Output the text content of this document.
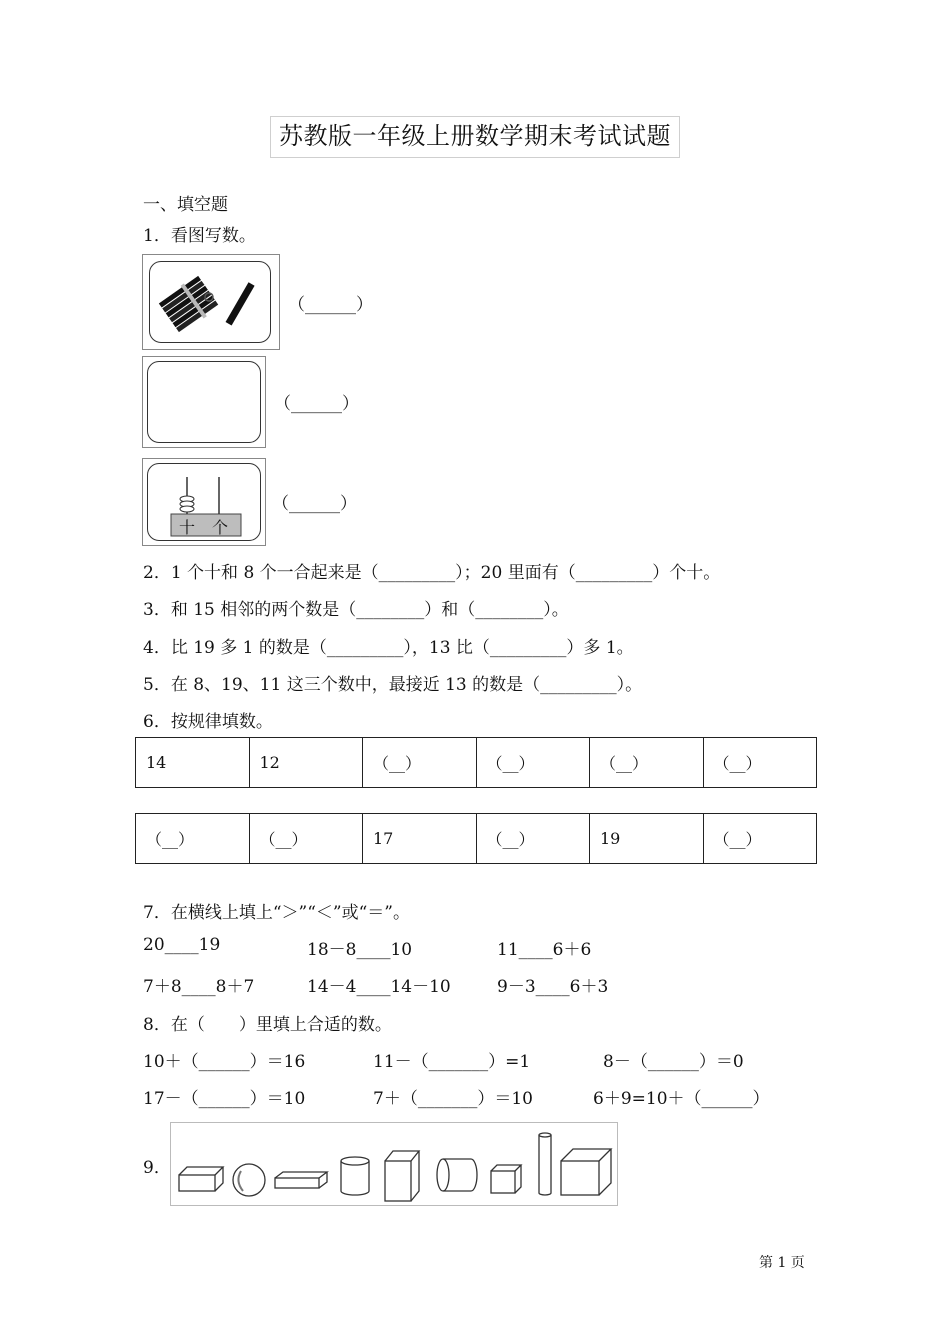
苏教版一年级上册数学期末考试试题
一、填空题
1．看图写数。
（______）
（______）
十 个
（______）
2．1 个十和 8 个一合起来是（_________）；20 里面有（_________）个十。
3．和 15 相邻的两个数是（________）和（________）。
4．比 19 多 1 的数是（_________），13 比（_________）多 1。
5．在 8、19、11 这三个数中，最接近 13 的数是（_________）。
6．按规律填数。
14	12	（__）	（__）	（__）	（__）
（__）	（__）	17	（__）	19	（__）
7．在横线上填上“＞”“＜”或“＝”。
20____19	18－8____10	11____6＋6
7＋8____8＋7	14－4____14－10	9－3____6＋3
8．在（　　）里填上合适的数。
10＋（______）＝16	11－（_______）=1	8－（______）＝0
17－（______）＝10	7＋（_______）＝10	6＋9=10＋（______）
9．
第 1 页
